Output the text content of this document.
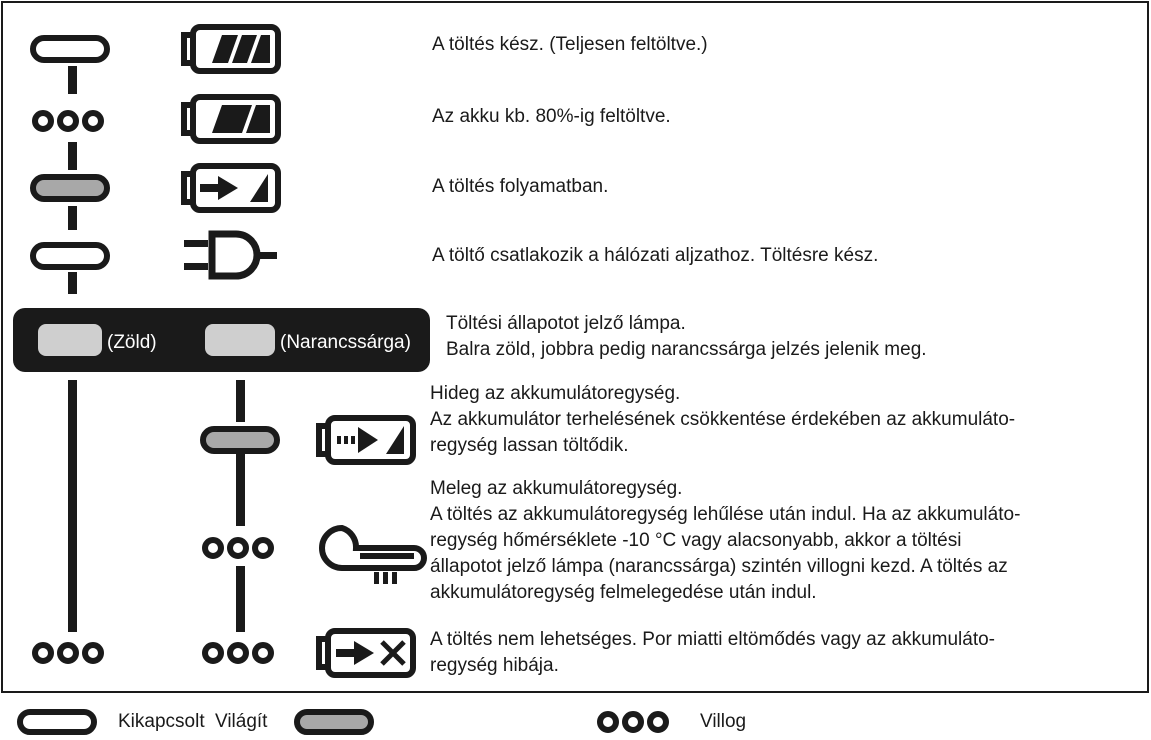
(Zöld)	(Narancssárga)
A töltés kész. (Teljesen feltöltve.)
Az akku kb. 80%-ig feltöltve.
A töltés folyamatban.
A töltő csatlakozik a hálózati aljzathoz. Töltésre kész.
Töltési állapotot jelző lámpa.
Balra zöld, jobbra pedig narancssárga jelzés jelenik meg.
Hideg az akkumulátoregység.
Az akkumulátor terhelésének csökkentése érdekében az akkumuláto-
regység lassan töltődik.
Meleg az akkumulátoregység.
A töltés az akkumulátoregység lehűlése után indul. Ha az akkumuláto-
regység hőmérséklete -10 °C vagy alacsonyabb, akkor a töltési
állapotot jelző lámpa (narancssárga) szintén villogni kezd. A töltés az
akkumulátoregység felmelegedése után indul.
A töltés nem lehetséges. Por miatti eltömődés vagy az akkumuláto-
regység hibája.
Kikapcsolt Világít	Villog
